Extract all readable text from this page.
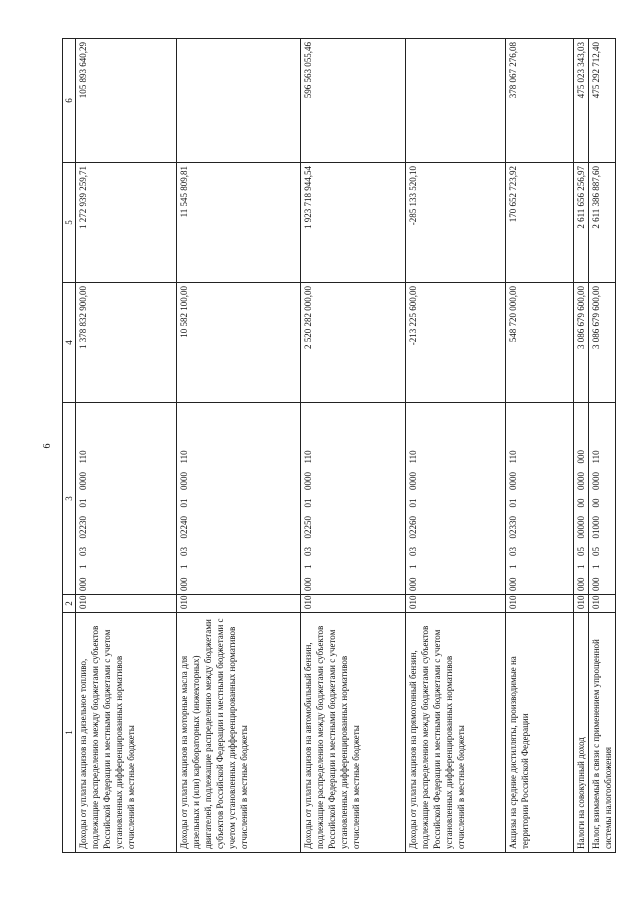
6
1	2	3	4	5	6
Доходы от уплаты акцизов на дизельное топливо, подлежащие распределению между бюджетами субъектов Российской Федерации и местными бюджетами с учетом установленных дифференцированных нормативов отчислений в местные бюджеты	010	000  1  03  02230  01  0000  110	1 378 832 900,00	1 272 939 259,71	105 893 640,29
Доходы от уплаты акцизов на моторные масла для дизельных и (или) карбюраторных (инжекторных) двигателей, подлежащие распределению между бюджетами субъектов Российской Федерации и местными бюджетами с учетом установленных дифференцированных нормативов отчислений в местные бюджеты	010	000  1  03  02240  01  0000  110	10 582 100,00	11 545 809,81	
Доходы от уплаты акцизов на автомобильный бензин, подлежащие распределению между бюджетами субъектов Российской Федерации и местными бюджетами с учетом установленных дифференцированных нормативов отчислений в местные бюджеты	010	000  1  03  02250  01  0000  110	2 520 282 000,00	1 923 718 944,54	596 563 055,46
Доходы от уплаты акцизов на прямогонный бензин, подлежащие распределению между бюджетами субъектов Российской Федерации и местными бюджетами с учетом установленных дифференцированных нормативов отчислений в местные бюджеты	010	000  1  03  02260  01  0000  110	-213 225 600,00	-285 133 520,10	
Акцизы на средние дистилляты, производимые на территории Российской Федерации	010	000  1  03  02330  01  0000  110	548 720 000,00	170 652 723,92	378 067 276,08
Налоги на совокупный доход	010	000  1  05  00000  00  0000  000	3 086 679 600,00	2 611 656 256,97	475 023 343,03
Налог, взимаемый в связи с применением упрощенной системы налогообложения	010	000  1  05  01000  00  0000  110	3 086 679 600,00	2 611 386 887,60	475 292 712,40
